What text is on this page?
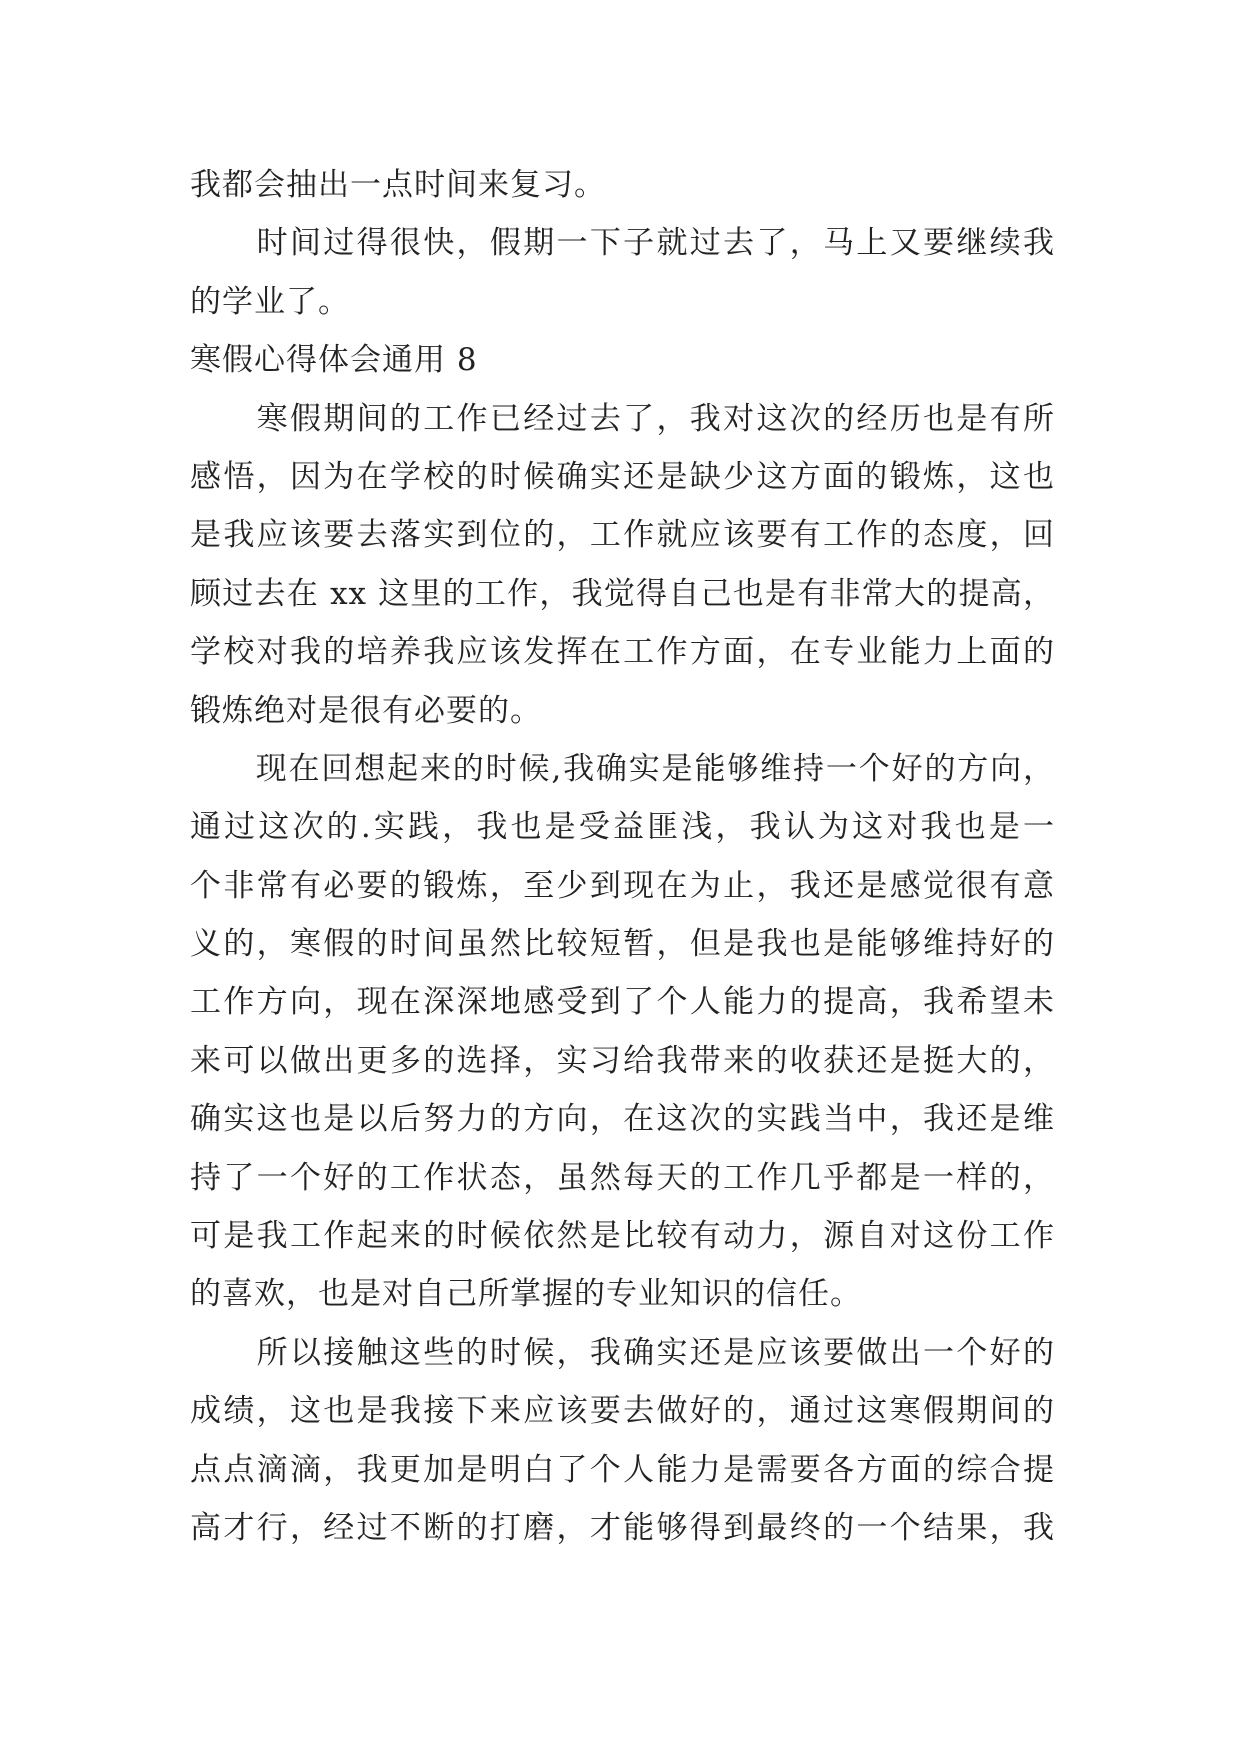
我都会抽出一点时间来复习。
　　时间过得很快，假期一下子就过去了，马上又要继续我
的学业了。
寒假心得体会通用 8
　　寒假期间的工作已经过去了，我对这次的经历也是有所
感悟，因为在学校的时候确实还是缺少这方面的锻炼，这也
是我应该要去落实到位的，工作就应该要有工作的态度，回
顾过去在 xx 这里的工作，我觉得自己也是有非常大的提高，
学校对我的培养我应该发挥在工作方面，在专业能力上面的
锻炼绝对是很有必要的。
　　现在回想起来的时候,我确实是能够维持一个好的方向，
通过这次的.实践，我也是受益匪浅，我认为这对我也是一
个非常有必要的锻炼，至少到现在为止，我还是感觉很有意
义的，寒假的时间虽然比较短暂，但是我也是能够维持好的
工作方向，现在深深地感受到了个人能力的提高，我希望未
来可以做出更多的选择，实习给我带来的收获还是挺大的，
确实这也是以后努力的方向，在这次的实践当中，我还是维
持了一个好的工作状态，虽然每天的工作几乎都是一样的，
可是我工作起来的时候依然是比较有动力，源自对这份工作
的喜欢，也是对自己所掌握的专业知识的信任。
　　所以接触这些的时候，我确实还是应该要做出一个好的
成绩，这也是我接下来应该要去做好的，通过这寒假期间的
点点滴滴，我更加是明白了个人能力是需要各方面的综合提
高才行，经过不断的打磨，才能够得到最终的一个结果，我
